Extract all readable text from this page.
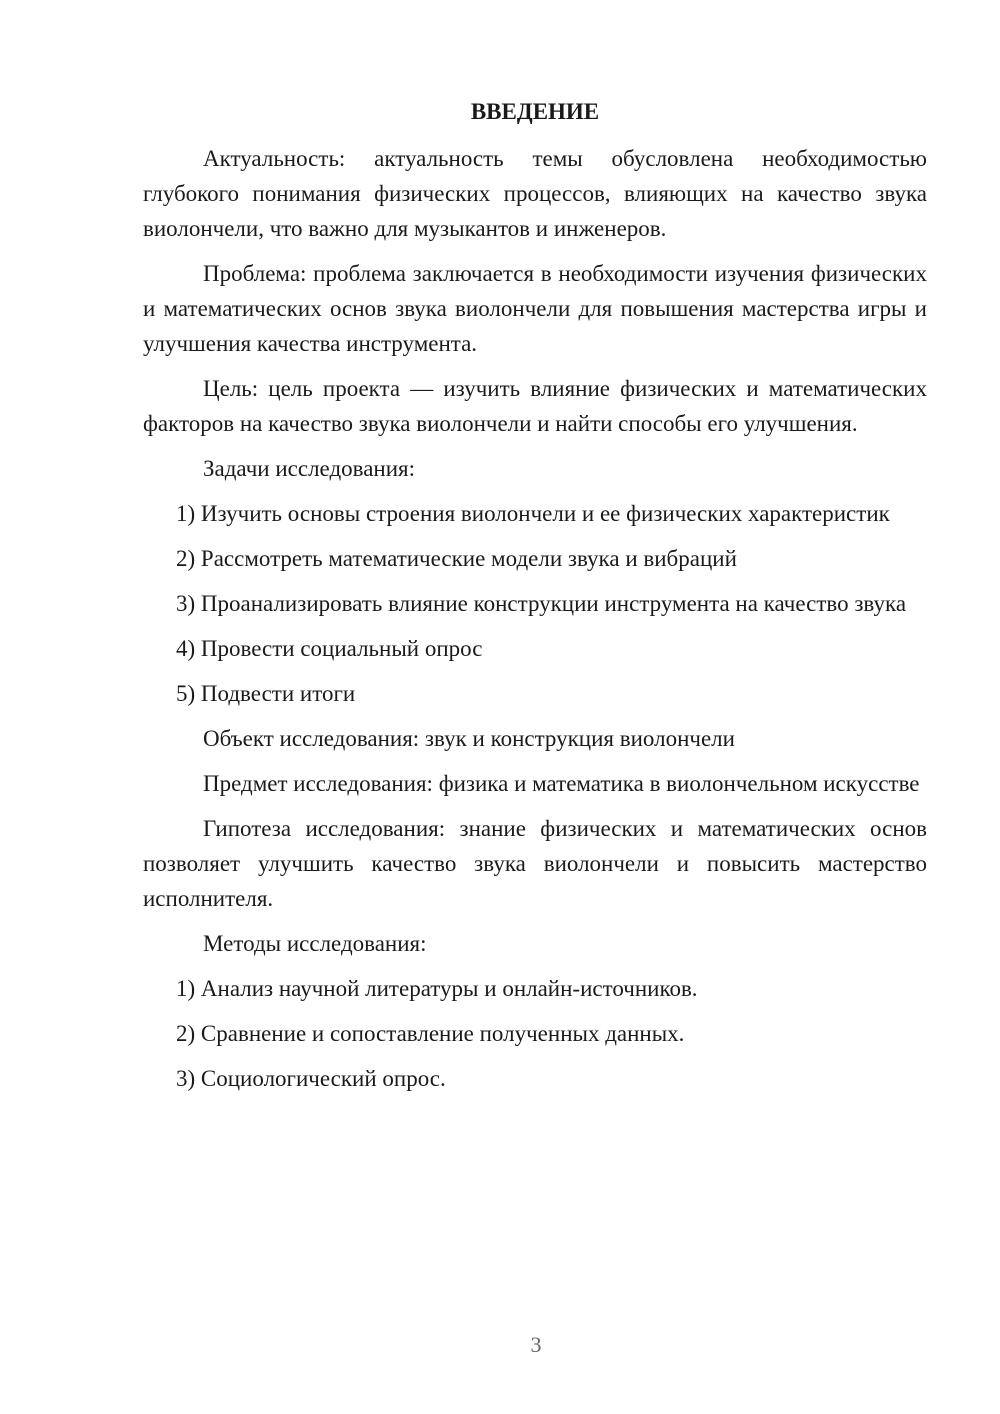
ВВЕДЕНИЕ

Актуальность: актуальность темы обусловлена необходимостью глубокого понимания физических процессов, влияющих на качество звука виолончели, что важно для музыкантов и инженеров.

Проблема: проблема заключается в необходимости изучения физических и математических основ звука виолончели для повышения мастерства игры и улучшения качества инструмента.

Цель: цель проекта — изучить влияние физических и математических факторов на качество звука виолончели и найти способы его улучшения.

Задачи исследования:

1) Изучить основы строения виолончели и ее физических характеристик

2) Рассмотреть математические модели звука и вибраций

3) Проанализировать влияние конструкции инструмента на качество звука

4) Провести социальный опрос

5) Подвести итоги

Объект исследования: звук и конструкция виолончели

Предмет исследования: физика и математика в виолончельном искусстве

Гипотеза исследования: знание физических и математических основ позволяет улучшить качество звука виолончели и повысить мастерство исполнителя.

Методы исследования:

1) Анализ научной литературы и онлайн-источников.

2) Сравнение и сопоставление полученных данных.

3) Социологический опрос.

3
